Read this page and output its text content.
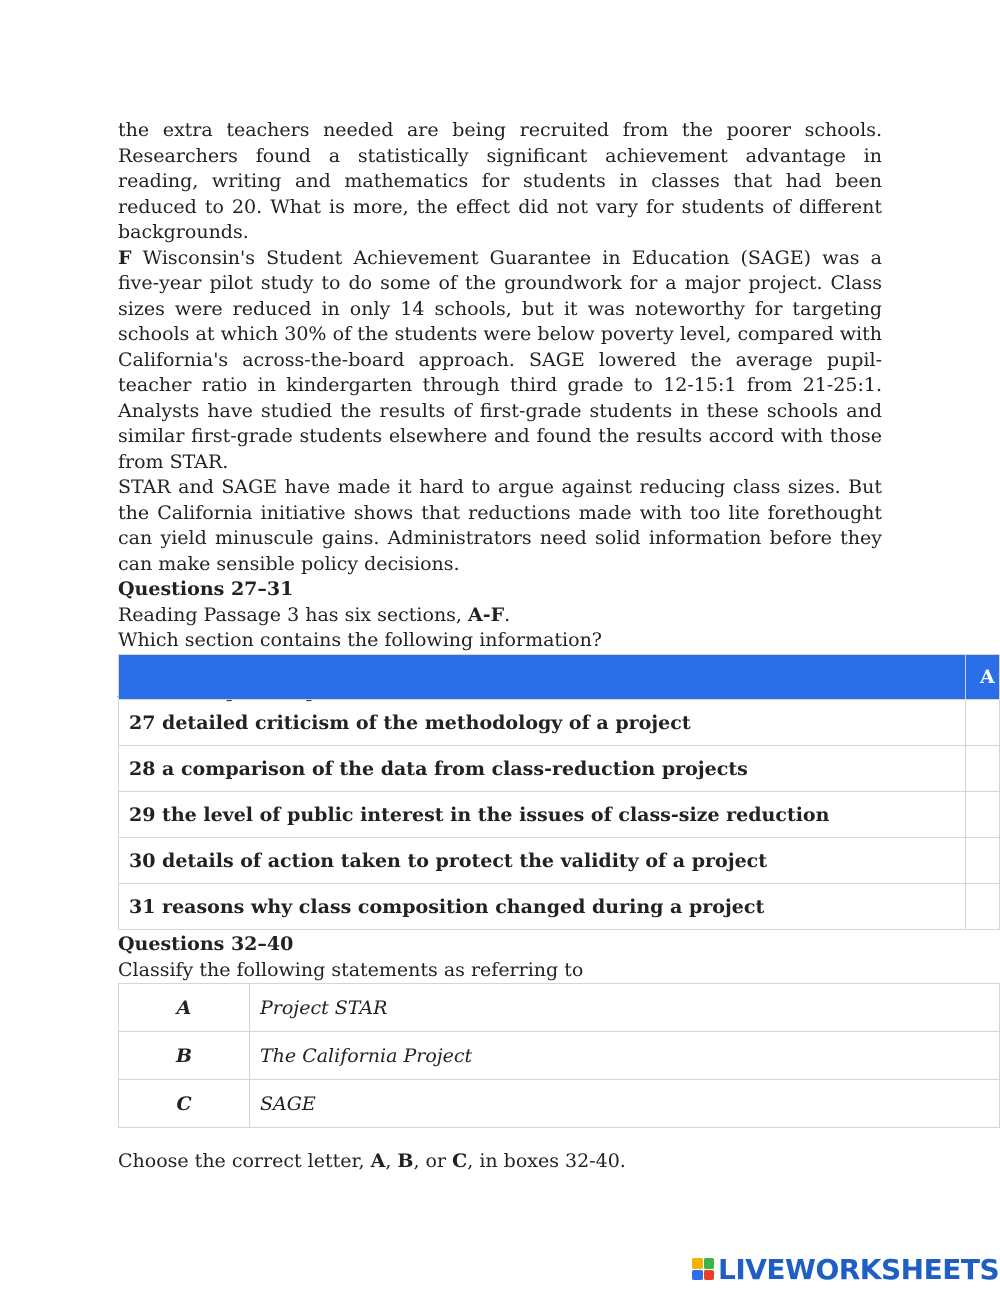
the extra teachers needed are being recruited from the poorer schools. Researchers found a statistically significant achievement advantage in reading, writing and mathematics for students in classes that had been reduced to 20. What is more, the effect did not vary for students of different backgrounds.

F Wisconsin's Student Achievement Guarantee in Education (SAGE) was a five-year pilot study to do some of the groundwork for a major project. Class sizes were reduced in only 14 schools, but it was noteworthy for targeting schools at which 30% of the students were below poverty level, compared with California's across-the-board approach. SAGE lowered the average pupil-teacher ratio in kindergarten through third grade to 12-15:1 from 21-25:1. Analysts have studied the results of first-grade students in these schools and similar first-grade students elsewhere and found the results accord with those from STAR.

STAR and SAGE have made it hard to argue against reducing class sizes. But the California initiative shows that reductions made with too lite forethought can yield minuscule gains. Administrators need solid information before they can make sensible policy decisions.

Questions 27–31
Reading Passage 3 has six sections, A-F.
Which section contains the following information?
Choose the correct letter, A-F, in boxes 27-31.
NB You may use any letter more than once
	A
27 detailed criticism of the methodology of a project	
28 a comparison of the data from class-reduction projects	
29 the level of public interest in the issues of class-size reduction	
30 details of action taken to protect the validity of a project	
31 reasons why class composition changed during a project	
Questions 32–40
Classify the following statements as referring to
A	Project STAR
B	The California Project
C	SAGE
Choose the correct letter, A, B, or C, in boxes 32-40.
LIVEWORKSHEETS
